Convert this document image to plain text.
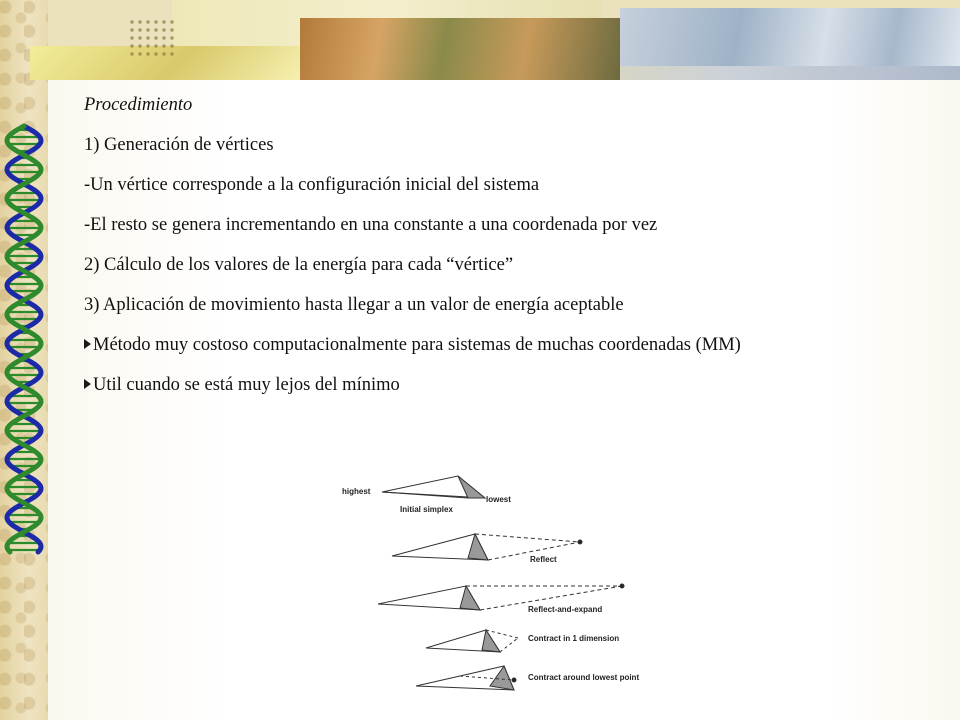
Procedimiento
1) Generación de vértices
-Un vértice corresponde a la configuración inicial del sistema
-El resto se genera incrementando en una constante a una coordenada por vez
2) Cálculo de los valores de la energía para cada “vértice”
3) Aplicación de movimiento hasta llegar a un valor de energía aceptable
Método muy costoso computacionalmente para sistemas de muchas coordenadas (MM)
Util cuando se está muy lejos del mínimo
highest
lowest
Initial simplex
Reflect
Reflect-and-expand
Contract in 1 dimension
Contract around lowest point
